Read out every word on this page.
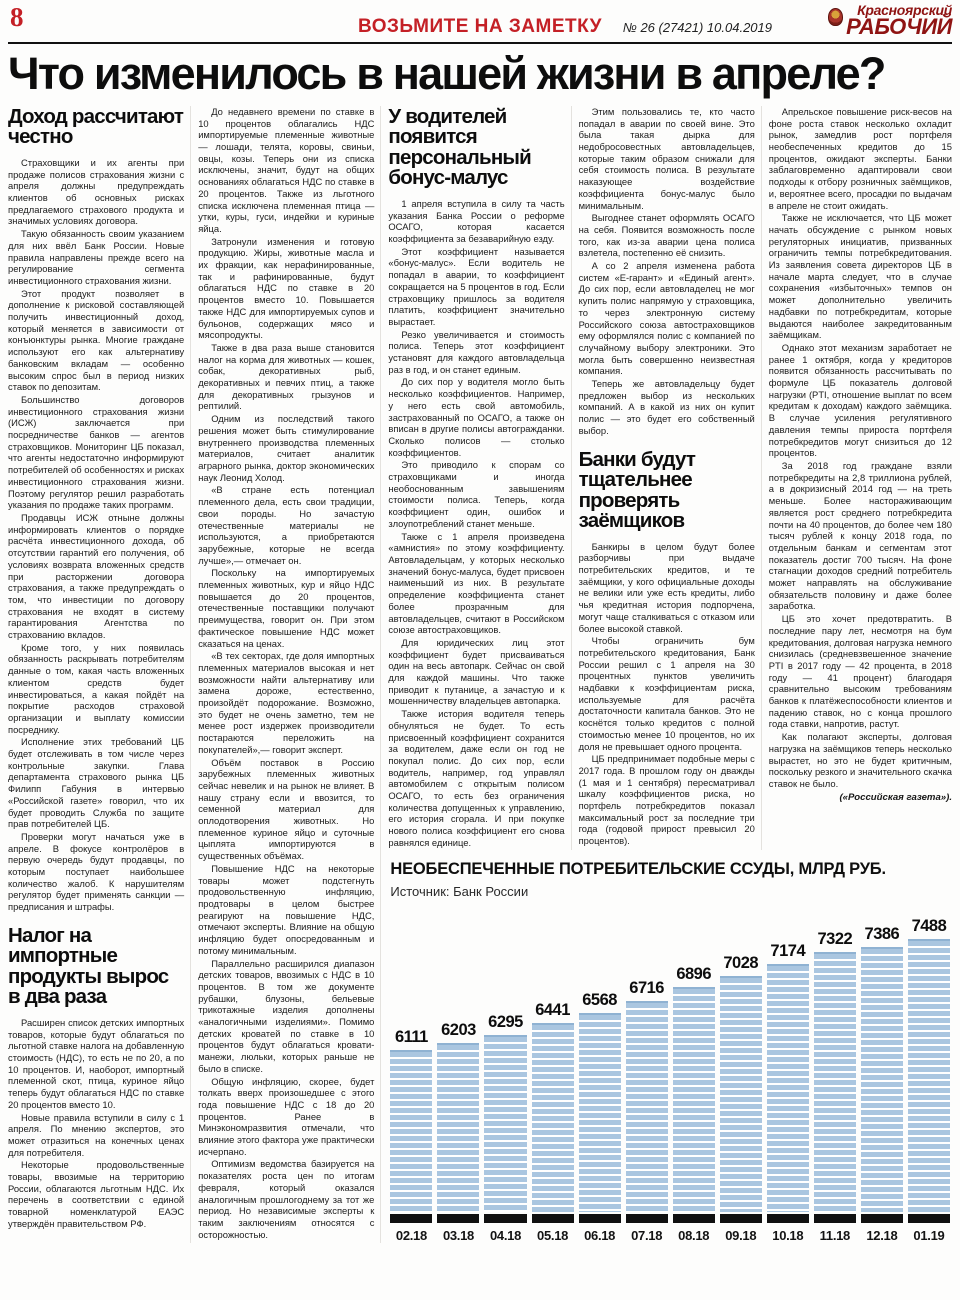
8	ВОЗЬМИТЕ НА ЗАМЕТКУ	№ 26 (27421) 10.04.2019
Красноярский
РАБОЧИЙ
Что изменилось в нашей жизни в апреле?
Доход рассчитают честно
Страховщики и их агенты при продаже полисов страхования жизни с апреля должны предупреждать клиентов об основных рисках предлагаемого страхового продукта и значимых условиях договора.
Такую обязанность своим указанием для них ввёл Банк России. Новые правила направлены прежде всего на регулирование сегмента инвестиционного страхования жизни.
Этот продукт позволяет в дополнение к рисковой составляющей получить инвестиционный доход, который меняется в зависимости от конъюнктуры рынка. Многие граждане используют его как альтернативу банковским вкладам — особенно высоким спрос был в период низких ставок по депозитам.
Большинство договоров инвестиционного страхования жизни (ИСЖ) заключается при посредничестве банков — агентов страховщиков. Мониторинг ЦБ показал, что агенты недостаточно информируют потребителей об особенностях и рисках инвестиционного страхования жизни. Поэтому регулятор решил разработать указания по продаже таких программ.
Продавцы ИСЖ отныне должны информировать клиентов о порядке расчёта инвестиционного дохода, об отсутствии гарантий его получения, об условиях возврата вложенных средств при расторжении договора страхования, а также предупреждать о том, что инвестиции по договору страхования не входят в систему гарантирования Агентства по страхованию вкладов.
Кроме того, у них появилась обязанность раскрывать потребителям данные о том, какая часть вложенных клиентом средств будет инвестироваться, а какая пойдёт на покрытие расходов страховой организации и выплату комиссии посреднику.
Исполнение этих требований ЦБ будет отслеживать в том числе через контрольные закупки. Глава департамента страхового рынка ЦБ Филипп Габуния в интервью «Российской газете» говорил, что их будет проводить Служба по защите прав потребителей ЦБ.
Проверки могут начаться уже в апреле. В фокусе контролёров в первую очередь будут продавцы, по которым поступает наибольшее количество жалоб. К нарушителям регулятор будет применять санкции — предписания и штрафы.
Налог на импортные продукты вырос в два раза
Расширен список детских импортных товаров, которые будут облагаться по льготной ставке налога на добавленную стоимость (НДС), то есть не по 20, а по 10 процентов. И, наоборот, импортный племенной скот, птица, куриное яйцо теперь будут облагаться НДС по ставке 20 процентов вместо 10.
Новые правила вступили в силу с 1 апреля. По мнению экспертов, это может отразиться на конечных ценах для потребителя.
Некоторые продовольственные товары, ввозимые на территорию России, облагаются льготным НДС. Их перечень в соответствии с единой товарной номенклатурой ЕАЭС утверждён правительством РФ.
До недавнего времени по ставке в 10 процентов облагались НДС импортируемые племенные животные — лошади, телята, коровы, свиньи, овцы, козы. Теперь они из списка исключены, значит, будут на общих основаниях облагаться НДС по ставке в 20 процентов. Также из льготного списка исключена племенная птица — утки, куры, гуси, индейки и куриные яйца.
Затронули изменения и готовую продукцию. Жиры, животные масла и их фракции, как нерафинированные, так и рафинированные, будут облагаться НДС по ставке в 20 процентов вместо 10. Повышается также НДС для импортируемых супов и бульонов, содержащих мясо и мясопродукты.
Также в два раза выше становится налог на корма для животных — кошек, собак, декоративных рыб, декоративных и певчих птиц, а также для декоративных грызунов и рептилий.
Одним из последствий такого решения может быть стимулирование внутреннего производства племенных материалов, считает аналитик аграрного рынка, доктор экономических наук Леонид Холод.
«В стране есть потенциал племенного дела, есть свои традиции, свои породы. Но зачастую отечественные материалы не используются, а приобретаются зарубежные, которые не всегда лучше»,— отмечает он.
Поскольку на импортируемых племенных животных, кур и яйцо НДС повышается до 20 процентов, отечественные поставщики получают преимущества, говорит он. При этом фактическое повышение НДС может сказаться на ценах.
«В тех секторах, где доля импортных племенных материалов высокая и нет возможности найти альтернативу или замена дороже, естественно, произойдёт подорожание. Возможно, это будет не очень заметно, тем не менее рост издержек производители постараются переложить на покупателей»,— говорит эксперт.
Объём поставок в Россию зарубежных племенных животных сейчас невелик и на рынок не влияет. В нашу страну если и ввозится, то семенной материал для оплодотворения животных. Но племенное куриное яйцо и суточные цыплята импортируются в существенных объёмах.
Повышение НДС на некоторые товары может подстегнуть продовольственную инфляцию, продтовары в целом быстрее реагируют на повышение НДС, отмечают эксперты. Влияние на общую инфляцию будет опосредованным и потому минимальным.
Параллельно расширился диапазон детских товаров, ввозимых с НДС в 10 процентов. В том же документе рубашки, блузоны, бельевые трикотажные изделия дополнены «аналогичными изделиями». Помимо детских кроватей по ставке в 10 процентов будут облагаться кровати-манежи, люльки, которых раньше не было в списке.
Общую инфляцию, скорее, будет толкать вверх произошедшее с этого года повышение НДС с 18 до 20 процентов. Ранее в Минэкономразвития отмечали, что влияние этого фактора уже практически исчерпано.
Оптимизм ведомства базируется на показателях роста цен по итогам февраля, который оказался аналогичным прошлогоднему за тот же период. Но независимые эксперты к таким заключениям относятся с осторожностью.
У водителей появится персональный бонус-малус
1 апреля вступила в силу та часть указания Банка России о реформе ОСАГО, которая касается коэффициента за безаварийную езду.
Этот коэффициент называется «бонус-малус». Если водитель не попадал в аварии, то коэффициент сокращается на 5 процентов в год. Если страховщику пришлось за водителя платить, коэффициент значительно вырастает.
Резко увеличивается и стоимость полиса. Теперь этот коэффициент установят для каждого автовладельца раз в год, и он станет единым.
До сих пор у водителя могло быть несколько коэффициентов. Например, у него есть свой автомобиль, застрахованный по ОСАГО, а также он вписан в другие полисы автогражданки. Сколько полисов — столько коэффициентов.
Это приводило к спорам со страховщиками и иногда необоснованным завышениям стоимости полиса. Теперь, когда коэффициент один, ошибок и злоупотреблений станет меньше.
Также с 1 апреля произведена «амнистия» по этому коэффициенту. Автовладельцам, у которых несколько значений бонус-малуса, будет присвоен наименьший из них. В результате определение коэффициента станет более прозрачным для автовладельцев, считают в Российском союзе автостраховщиков.
Для юридических лиц этот коэффициент будет присваиваться один на весь автопарк. Сейчас он свой для каждой машины. Что также приводит к путанице, а зачастую и к мошенничеству владельцев автопарка.
Также история водителя теперь обнуляться не будет. То есть присвоенный коэффициент сохранится за водителем, даже если он год не покупал полис. До сих пор, если водитель, например, год управлял автомобилем с открытым полисом ОСАГО, то есть без ограничения количества допущенных к управлению, его история сгорала. И при покупке нового полиса коэффициент его снова равнялся единице.
Этим пользовались те, кто часто попадал в аварии по своей вине. Это была такая дырка для недобросовестных автовладельцев, которые таким образом снижали для себя стоимость полиса. В результате наказующее воздействие коэффициента бонус-малус было минимальным.
Выгоднее станет оформлять ОСАГО на себя. Появится возможность после того, как из-за аварии цена полиса взлетела, постепенно её снизить.
А со 2 апреля изменена работа систем «Е-гарант» и «Единый агент». До сих пор, если автовладелец не мог купить полис напрямую у страховщика, то через электронную систему Российского союза автостраховщиков ему оформлялся полис с компанией по случайному выбору электроники. Это могла быть совершенно неизвестная компания.
Теперь же автовладельцу будет предложен выбор из нескольких компаний. А в какой из них он купит полис — это будет его собственный выбор.
Банки будут тщательнее проверять заёмщиков
Банкиры в целом будут более разборчивы при выдаче потребительских кредитов, и те заёмщики, у кого официальные доходы не велики или уже есть кредиты, либо чья кредитная история подпорчена, могут чаще сталкиваться с отказом или более высокой ставкой.
Чтобы ограничить бум потребительского кредитования, Банк России решил с 1 апреля на 30 процентных пунктов увеличить надбавки к коэффициентам риска, используемые для расчёта достаточности капитала банков. Это не коснётся только кредитов с полной стоимостью менее 10 процентов, но их доля не превышает одного процента.
ЦБ предпринимает подобные меры с 2017 года. В прошлом году он дважды (1 мая и 1 сентября) пересматривал шкалу коэффициентов риска, но портфель потребкредитов показал максимальный рост за последние три года (годовой прирост превысил 20 процентов).
Апрельское повышение риск-весов на фоне роста ставок несколько охладит рынок, замедлив рост портфеля необеспеченных кредитов до 15 процентов, ожидают эксперты. Банки заблаговременно адаптировали свои подходы к отбору розничных заёмщиков, и, вероятнее всего, просадки по выдачам в апреле не стоит ожидать.
Также не исключается, что ЦБ может начать обсуждение с рынком новых регуляторных инициатив, призванных ограничить темпы потребкредитования. Из заявления совета директоров ЦБ в начале марта следует, что в случае сохранения «избыточных» темпов он может дополнительно увеличить надбавки по потребкредитам, которые выдаются наиболее закредитованным заёмщикам.
Однако этот механизм заработает не ранее 1 октября, когда у кредиторов появится обязанность рассчитывать по формуле ЦБ показатель долговой нагрузки (PTI, отношение выплат по всем кредитам к доходам) каждого заёмщика. В случае усиления регулятивного давления темпы прироста портфеля потребкредитов могут снизиться до 12 процентов.
За 2018 год граждане взяли потребкредиты на 2,8 триллиона рублей, а в докризисный 2014 год — на треть меньше. Более настораживающим является рост среднего потребкредита почти на 40 процентов, до более чем 180 тысяч рублей к концу 2018 года, по отдельным банкам и сегментам этот показатель достиг 700 тысяч. На фоне стагнации доходов средний потребитель может направлять на обслуживание обязательств половину и даже более заработка.
ЦБ это хочет предотвратить. В последние пару лет, несмотря на бум кредитования, долговая нагрузка немного снизилась (средневзвешенное значение PTI в 2017 году — 42 процента, в 2018 году — 41 процент) благодаря сравнительно высоким требованиям банков к платёжеспособности клиентов и падению ставок, но с конца прошлого года ставки, напротив, растут.
Как полагают эксперты, долговая нагрузка на заёмщиков теперь несколько вырастет, но это не будет критичным, поскольку резкого и значительного скачка ставок не было.
(«Российская газета»).
НЕОБЕСПЕЧЕННЫЕ ПОТРЕБИТЕЛЬСКИЕ ССУДЫ, МЛРД РУБ.
Источник: Банк России
6111
02.18
6203
03.18
6295
04.18
6441
05.18
6568
06.18
6716
07.18
6896
08.18
7028
09.18
7174
10.18
7322
11.18
7386
12.18
7488
01.19
